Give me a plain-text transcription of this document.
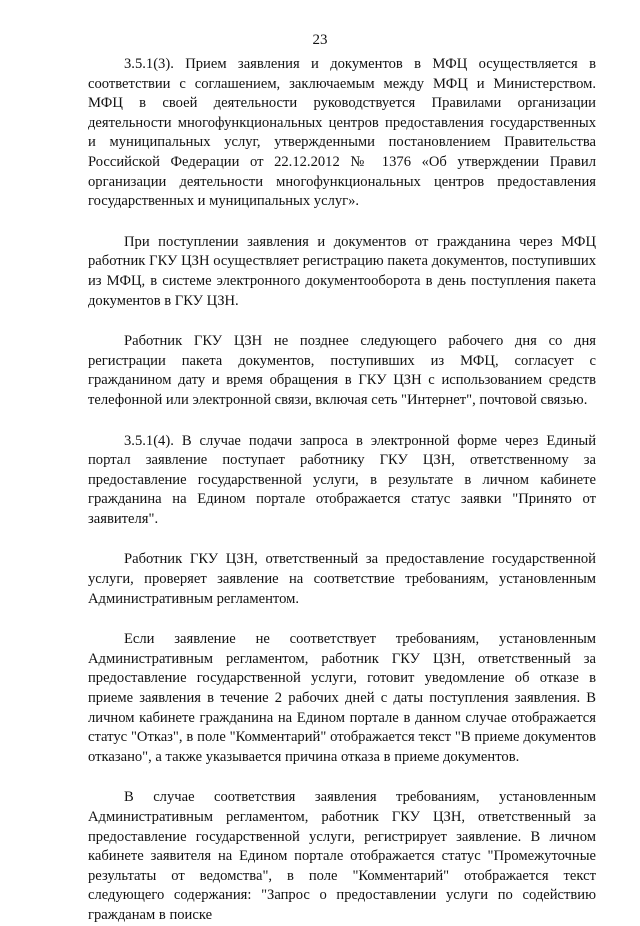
23

3.5.1(3). Прием заявления и документов в МФЦ осуществляется в соответствии с соглашением, заключаемым между МФЦ и Министерством. МФЦ в своей деятельности руководствуется Правилами организации деятельности многофункциональных центров предоставления государственных и муниципальных услуг, утвержденными постановлением Правительства Российской Федерации от 22.12.2012 № 1376 «Об утверждении Правил организации деятельности многофункциональных центров предоставления государственных и муниципальных услуг».

При поступлении заявления и документов от гражданина через МФЦ работник ГКУ ЦЗН осуществляет регистрацию пакета документов, поступивших из МФЦ, в системе электронного документооборота в день поступления пакета документов в ГКУ ЦЗН.

Работник ГКУ ЦЗН не позднее следующего рабочего дня со дня регистрации пакета документов, поступивших из МФЦ, согласует с гражданином дату и время обращения в ГКУ ЦЗН с использованием средств телефонной или электронной связи, включая сеть "Интернет", почтовой связью.

3.5.1(4). В случае подачи запроса в электронной форме через Единый портал заявление поступает работнику ГКУ ЦЗН, ответственному за предоставление государственной услуги, в результате в личном кабинете гражданина на Едином портале отображается статус заявки "Принято от заявителя".

Работник ГКУ ЦЗН, ответственный за предоставление государственной услуги, проверяет заявление на соответствие требованиям, установленным Административным регламентом.

Если заявление не соответствует требованиям, установленным Административным регламентом, работник ГКУ ЦЗН, ответственный за предоставление государственной услуги, готовит уведомление об отказе в приеме заявления в течение 2 рабочих дней с даты поступления заявления. В личном кабинете гражданина на Едином портале в данном случае отображается статус "Отказ", в поле "Комментарий" отображается текст "В приеме документов отказано", а также указывается причина отказа в приеме документов.

В случае соответствия заявления требованиям, установленным Административным регламентом, работник ГКУ ЦЗН, ответственный за предоставление государственной услуги, регистрирует заявление. В личном кабинете заявителя на Едином портале отображается статус "Промежуточные результаты от ведомства", в поле "Комментарий" отображается текст следующего содержания: "Запрос о предоставлении услуги по содействию гражданам в поиске
